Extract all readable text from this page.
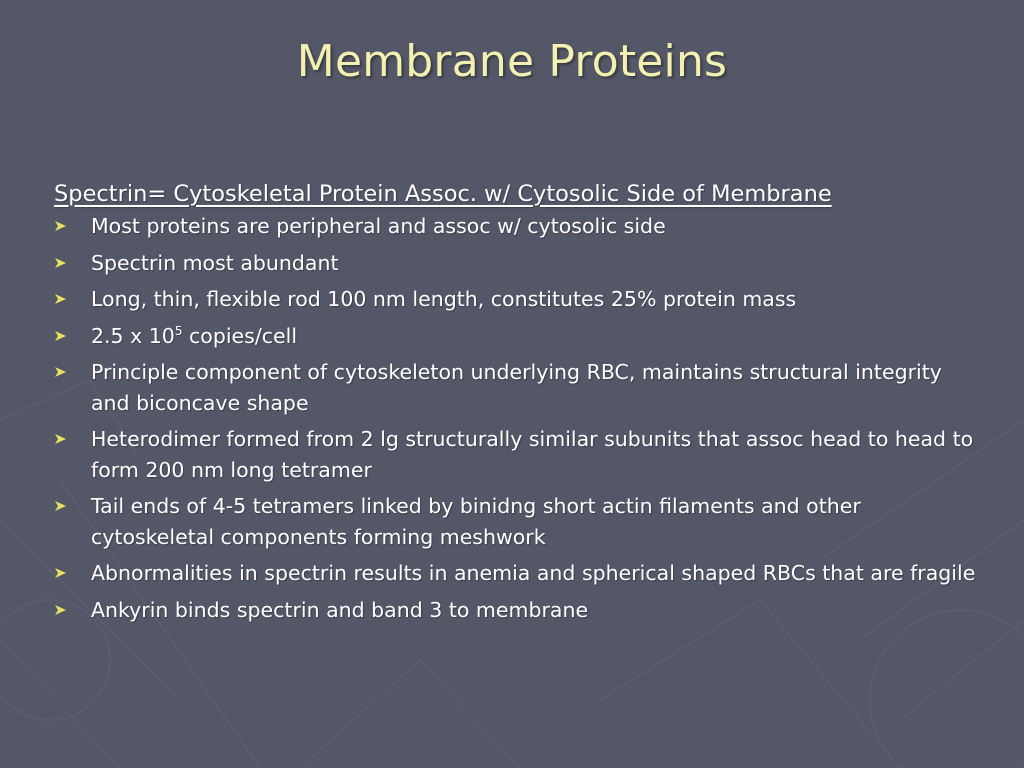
Membrane Proteins
Spectrin= Cytoskeletal Protein Assoc. w/ Cytosolic Side of Membrane
Most proteins are peripheral and assoc w/ cytosolic side
Spectrin most abundant
Long, thin, flexible rod 100 nm length, constitutes 25% protein mass
2.5 x $10^5$ copies/cell
Principle component of cytoskeleton underlying RBC, maintains structural integrity and biconcave shape
Heterodimer formed from 2 lg structurally similar subunits that assoc head to head to form 200 nm long tetramer
Tail ends of 4-5 tetramers linked by binidng short actin filaments and other cytoskeletal components forming meshwork
Abnormalities in spectrin results in anemia and spherical shaped RBCs that are fragile
Ankyrin binds spectrin and band 3 to membrane
